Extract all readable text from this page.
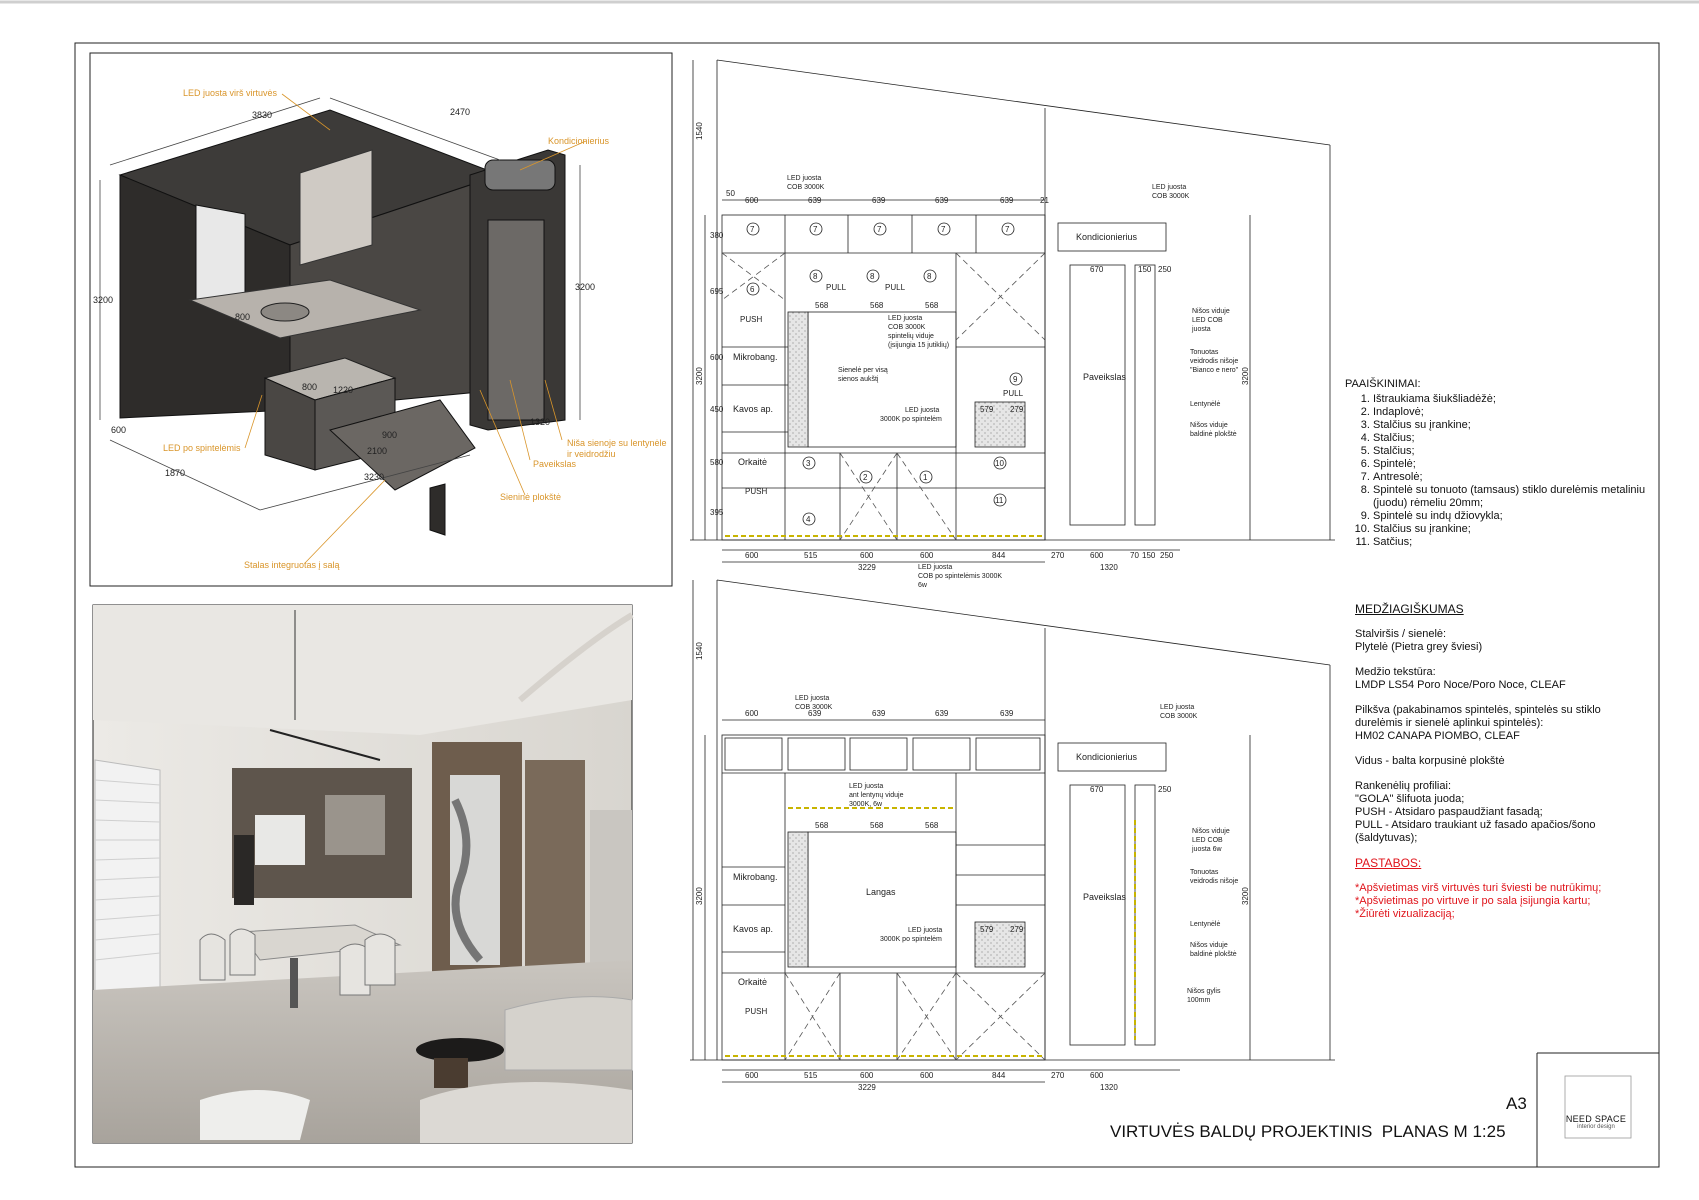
3830	2470
3200
3200
800
800 1220
1320
900
2100
600
1870	3230
LED juosta virš virtuvės
Kondicionierius
LED po spintelėmis	Niša sienoje su lentynėle ir veidrodžiu
Paveikslas
Sieninė plokštė
Stalas integruotas į salą
50
600	639	639	639	639	21
600	515	600	600	844	270	600	70 150 250
3229	1320
600	639	639	639	639
600	515	600	600	844	270	600
3229	1320
1540
3200
1540
3200
3200
3200
380
695
600
450
580
395
568	568	568
579 279
568	568	568
579 279
670	150 250
670	250
Mikrobang.
Kavos ap.
Orkaitė
Mikrobang.
Kavos ap.
Orkaitė
Kondicionierius
Kondicionierius
Paveikslas
Paveikslas
Langas
PUSH
PUSH
PUSH
PULL	PULL
PULL
7	7	7	7	7
6
8	8	8
9
3
2	1
10
11
4
LED juosta COB 3000K	LED juosta COB 3000K
LED juosta COB 3000K spintelių viduje (įsijungia 15 jutiklių)
Sienelė per visą sienos aukštį
LED juosta 3000K po spintelėm
LED juosta COB po spintelėmis 3000K 6w
Nišos viduje LED COB juosta
Tonuotas veidrodis nišoje "Bianco e nero"
Lentynėlė
Nišos viduje baldinė plokštė
LED juosta COB 3000K	LED juosta COB 3000K
LED juosta ant lentynų viduje 3000K, 6w
LED juosta 3000K po spintelėm
Nišos viduje LED COB juosta 6w
Tonuotas veidrodis nišoje
Lentynėlė
Nišos viduje baldinė plokštė
Nišos gylis 100mm
PAAIŠKINIMAI:
1. Ištraukiama šiukšliadėžė;
2. Indaplovė;
3. Stalčius su įrankine;
4. Stalčius;
5. Stalčius;
6. Spintelė;
7. Antresolė;
8. Spintelė su tonuoto (tamsaus) stiklo durelėmis metaliniu (juodu) rėmeliu 20mm;
9. Spintelė su indų džiovykla;
10. Stalčius su įrankine;
11. Satčius;

MEDŽIAGIŠKUMAS

Stalviršis / sienelė:
Plytelė (Pietra grey šviesi)

Medžio tekstūra:
LMDP LS54 Poro Noce/Poro Noce, CLEAF

Pilkšva (pakabinamos spintelės, spintelės su stiklo
durelėmis ir sienelė aplinkui spintelės):
HM02 CANAPA PIOMBO, CLEAF

Vidus - balta korpusinė plokštė

Rankenėlių profiliai:
"GOLA" šlifuota juoda;
PUSH - Atsidaro paspaudžiant fasadą;
PULL - Atsidaro traukiant už fasado apačios/šono
(šaldytuvas);

PASTABOS:

*Apšvietimas virš virtuvės turi šviesti be nutrūkimų;
*Apšvietimas po virtuve ir po sala įsijungia kartu;
*Žiūrėti vizualizaciją;
A3
VIRTUVĖS BALDŲ PROJEKTINIS  PLANAS M 1:25
NEED SPACE
interior design
